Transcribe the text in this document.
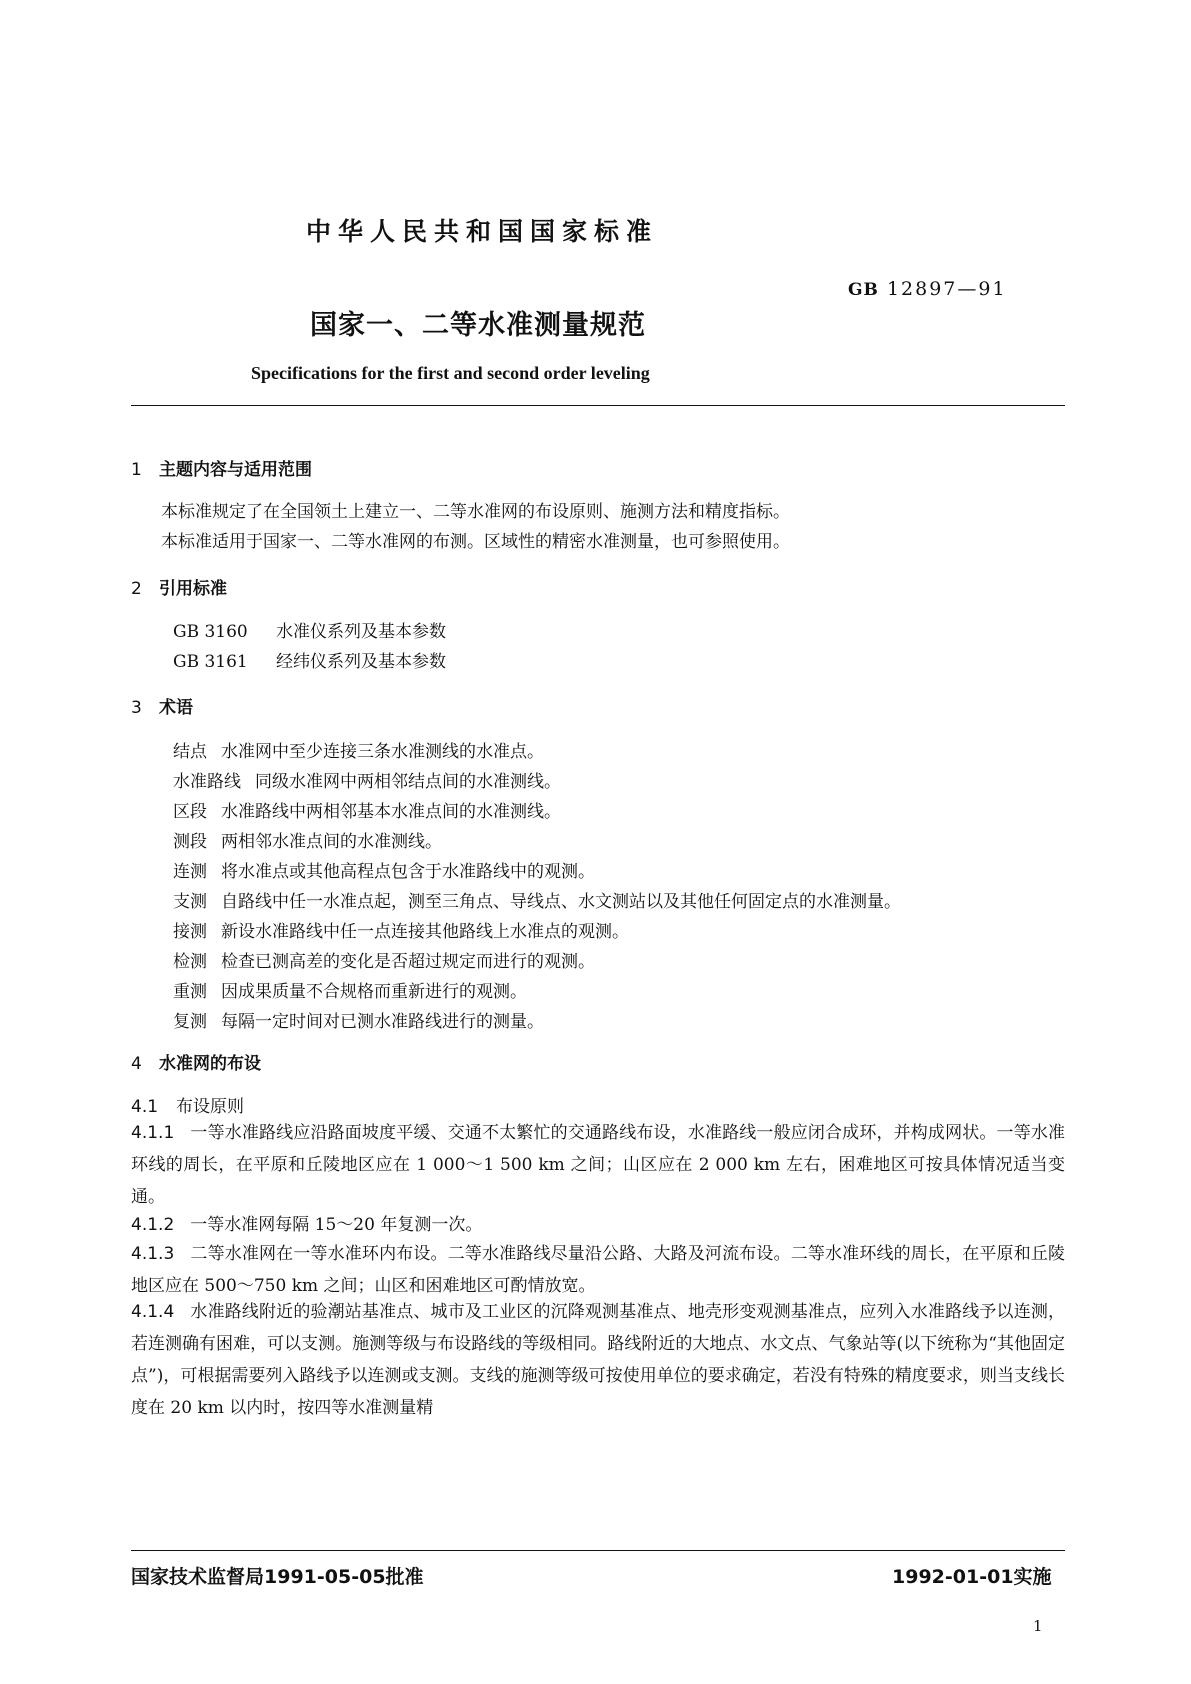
中华人民共和国国家标准
GB 12897—91
国家一、二等水准测量规范
Specifications for the first and second order leveling
1 主题内容与适用范围
本标准规定了在全国领土上建立一、二等水准网的布设原则、施测方法和精度指标。
本标准适用于国家一、二等水准网的布测。区域性的精密水准测量，也可参照使用。
2 引用标准
GB 3160 水准仪系列及基本参数
GB 3161 经纬仪系列及基本参数
3 术语
结点 水准网中至少连接三条水准测线的水准点。
水准路线 同级水准网中两相邻结点间的水准测线。
区段 水准路线中两相邻基本水准点间的水准测线。
测段 两相邻水准点间的水准测线。
连测 将水准点或其他高程点包含于水准路线中的观测。
支测 自路线中任一水准点起，测至三角点、导线点、水文测站以及其他任何固定点的水准测量。
接测 新设水准路线中任一点连接其他路线上水准点的观测。
检测 检查已测高差的变化是否超过规定而进行的观测。
重测 因成果质量不合规格而重新进行的观测。
复测 每隔一定时间对已测水准路线进行的测量。
4 水准网的布设
4.1 布设原则
4.1.1 一等水准路线应沿路面坡度平缓、交通不太繁忙的交通路线布设，水准路线一般应闭合成环，并构成网状。一等水准环线的周长，在平原和丘陵地区应在 1 000～1 500 km 之间；山区应在 2 000 km 左右，困难地区可按具体情况适当变通。
4.1.2 一等水准网每隔 15～20 年复测一次。
4.1.3 二等水准网在一等水准环内布设。二等水准路线尽量沿公路、大路及河流布设。二等水准环线的周长，在平原和丘陵地区应在 500～750 km 之间；山区和困难地区可酌情放宽。
4.1.4 水准路线附近的验潮站基准点、城市及工业区的沉降观测基准点、地壳形变观测基准点，应列入水准路线予以连测，若连测确有困难，可以支测。施测等级与布设路线的等级相同。路线附近的大地点、水文点、气象站等(以下统称为“其他固定点”)，可根据需要列入路线予以连测或支测。支线的施测等级可按使用单位的要求确定，若没有特殊的精度要求，则当支线长度在 20 km 以内时，按四等水准测量精
国家技术监督局1991-05-05批准	1992-01-01实施
1
